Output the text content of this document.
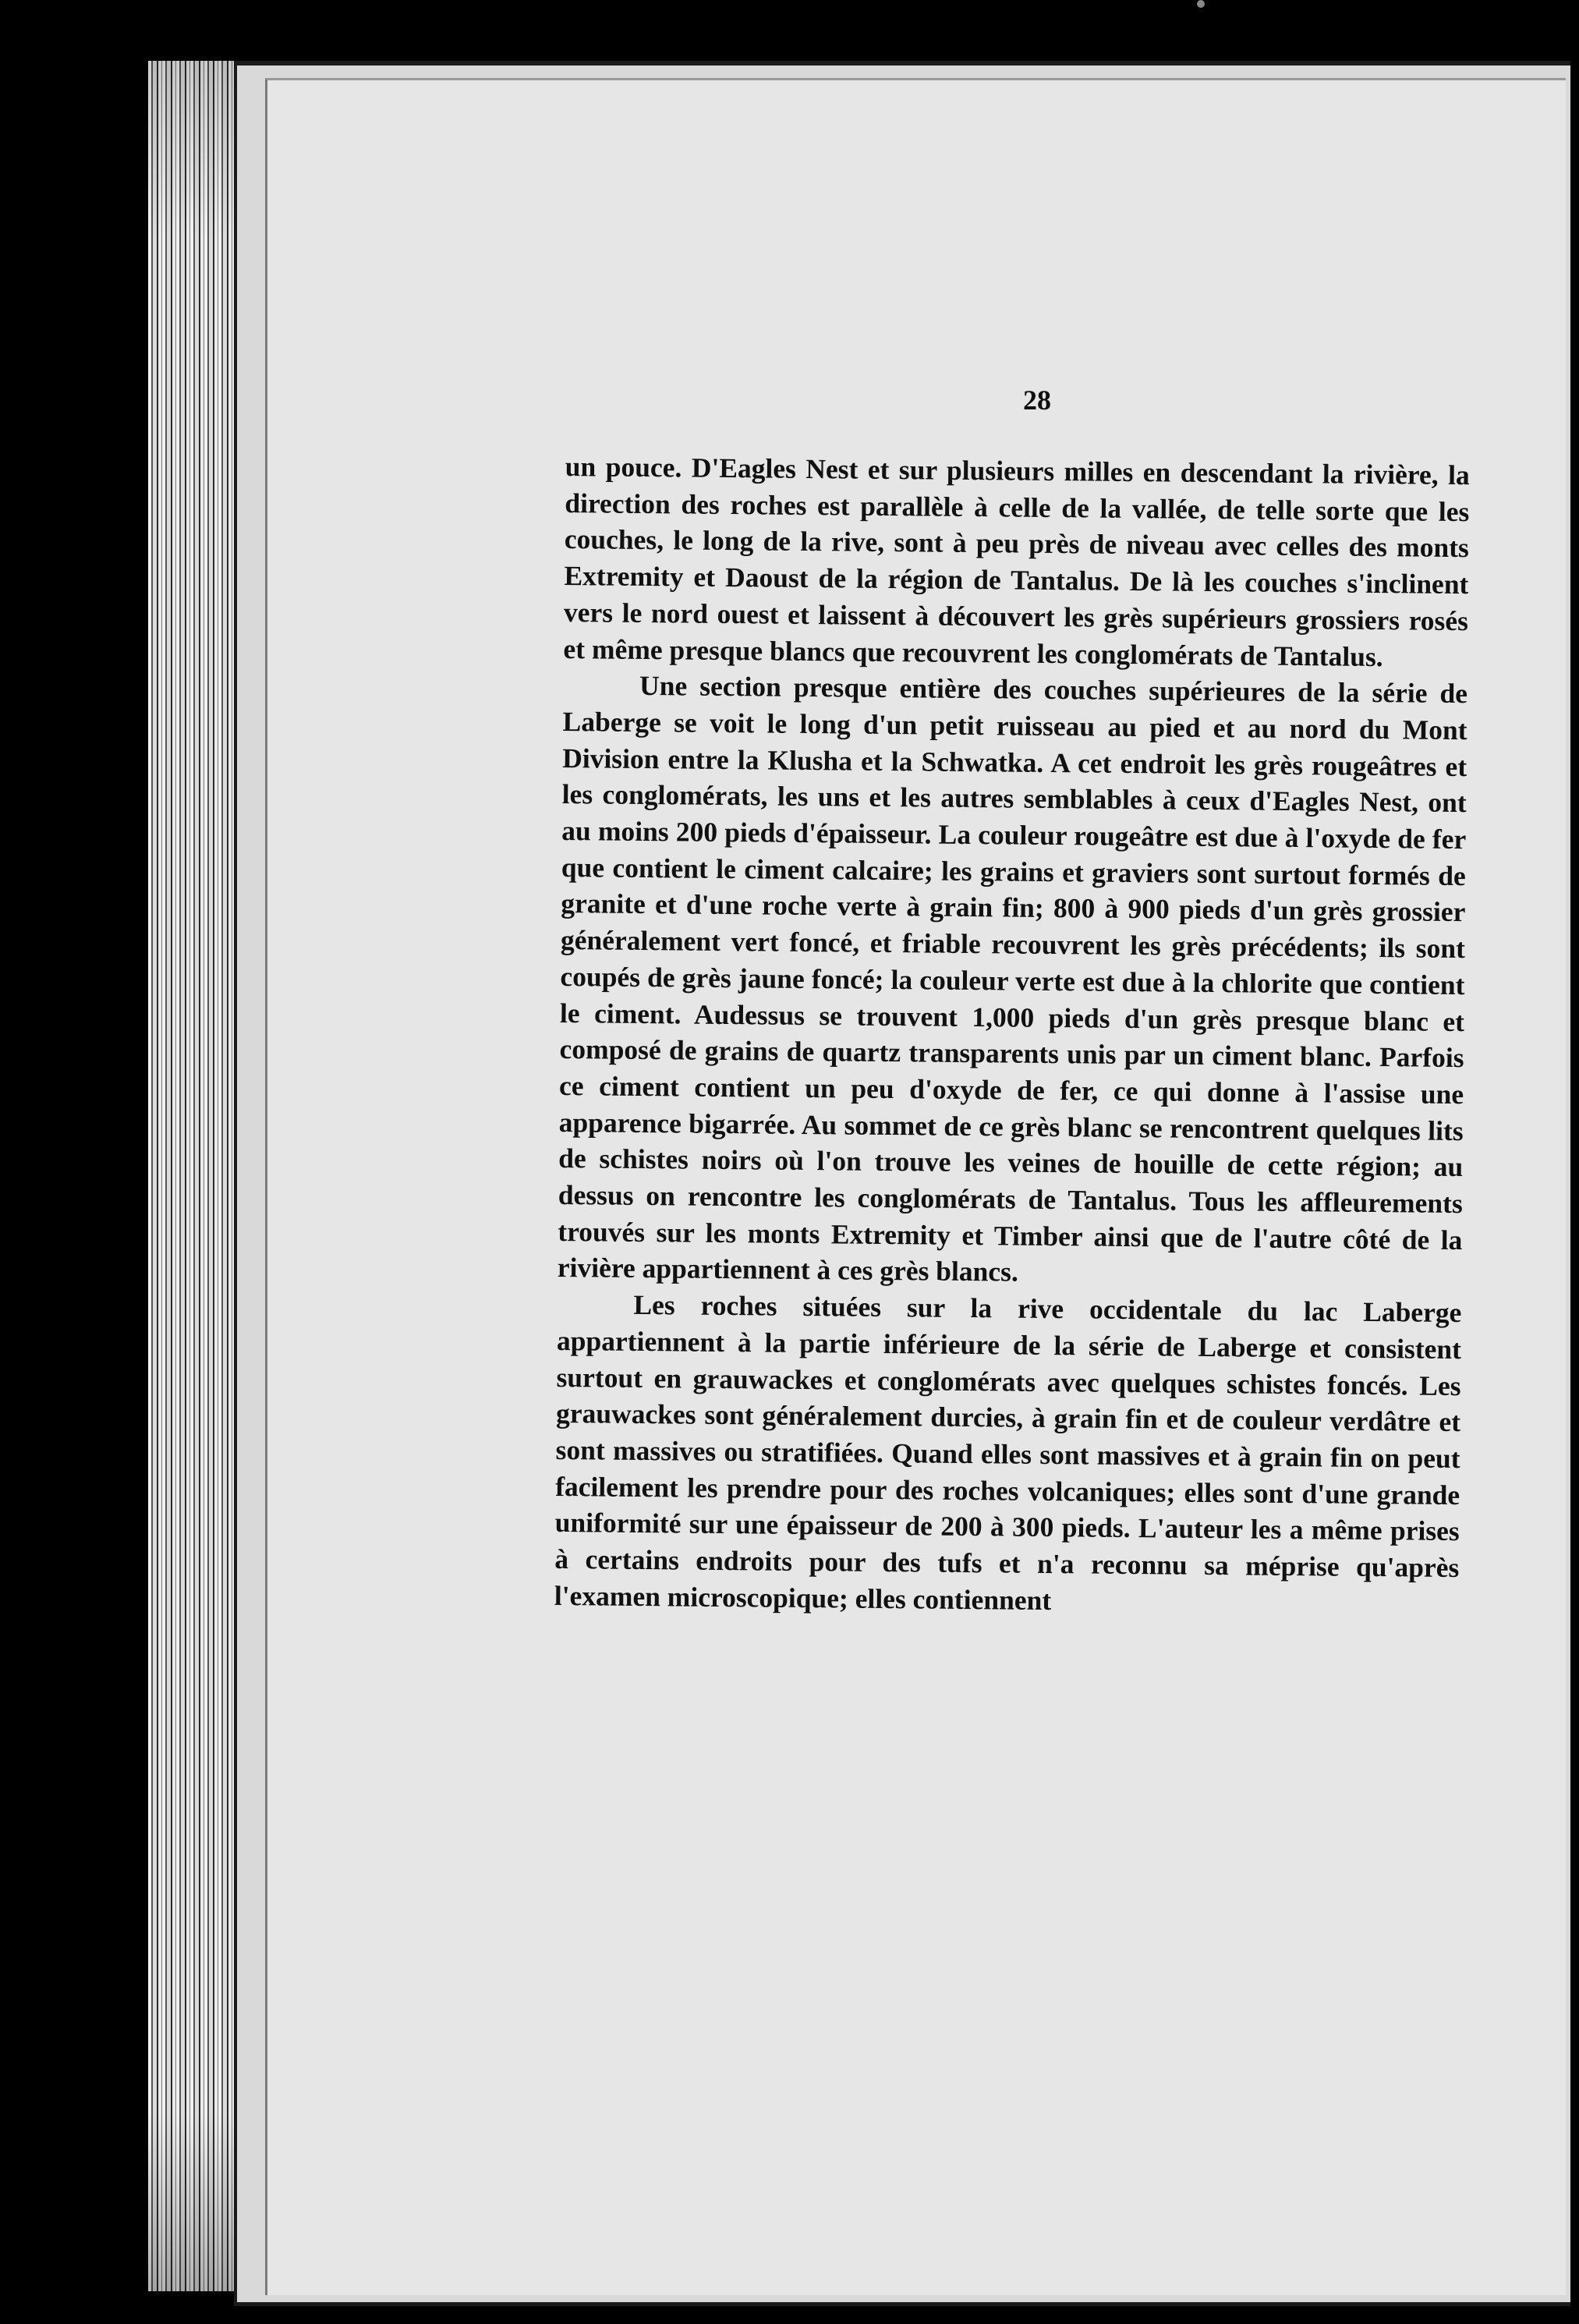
28

un pouce. D'Eagles Nest et sur plusieurs milles en descendant la rivière, la direction des roches est parallèle à celle de la vallée, de telle sorte que les couches, le long de la rive, sont à peu près de niveau avec celles des monts Extremity et Daoust de la région de Tantalus. De là les couches s'inclinent vers le nord ouest et laissent à découvert les grès supérieurs grossiers rosés et même presque blancs que recouvrent les conglomérats de Tantalus.

Une section presque entière des couches supérieures de la série de Laberge se voit le long d'un petit ruisseau au pied et au nord du Mont Division entre la Klusha et la Schwatka. A cet endroit les grès rougeâtres et les conglomérats, les uns et les autres semblables à ceux d'Eagles Nest, ont au moins 200 pieds d'épaisseur. La couleur rougeâtre est due à l'oxyde de fer que contient le ciment calcaire; les grains et graviers sont surtout formés de granite et d'une roche verte à grain fin; 800 à 900 pieds d'un grès grossier généralement vert foncé, et friable recouvrent les grès précédents; ils sont coupés de grès jaune foncé; la couleur verte est due à la chlorite que contient le ciment. Audessus se trouvent 1,000 pieds d'un grès presque blanc et composé de grains de quartz transparents unis par un ciment blanc. Parfois ce ciment contient un peu d'oxyde de fer, ce qui donne à l'assise une apparence bigarrée. Au sommet de ce grès blanc se rencontrent quelques lits de schistes noirs où l'on trouve les veines de houille de cette région; au dessus on rencontre les conglomérats de Tantalus. Tous les affleurements trouvés sur les monts Extremity et Timber ainsi que de l'autre côté de la rivière appartiennent à ces grès blancs.

Les roches situées sur la rive occidentale du lac Laberge appartiennent à la partie inférieure de la série de Laberge et consistent surtout en grauwackes et conglomérats avec quelques schistes foncés. Les grauwackes sont généralement durcies, à grain fin et de couleur verdâtre et sont massives ou stratifiées. Quand elles sont massives et à grain fin on peut facilement les prendre pour des roches volcaniques; elles sont d'une grande uniformité sur une épaisseur de 200 à 300 pieds. L'auteur les a même prises à certains endroits pour des tufs et n'a reconnu sa méprise qu'après l'examen microscopique; elles contiennent
